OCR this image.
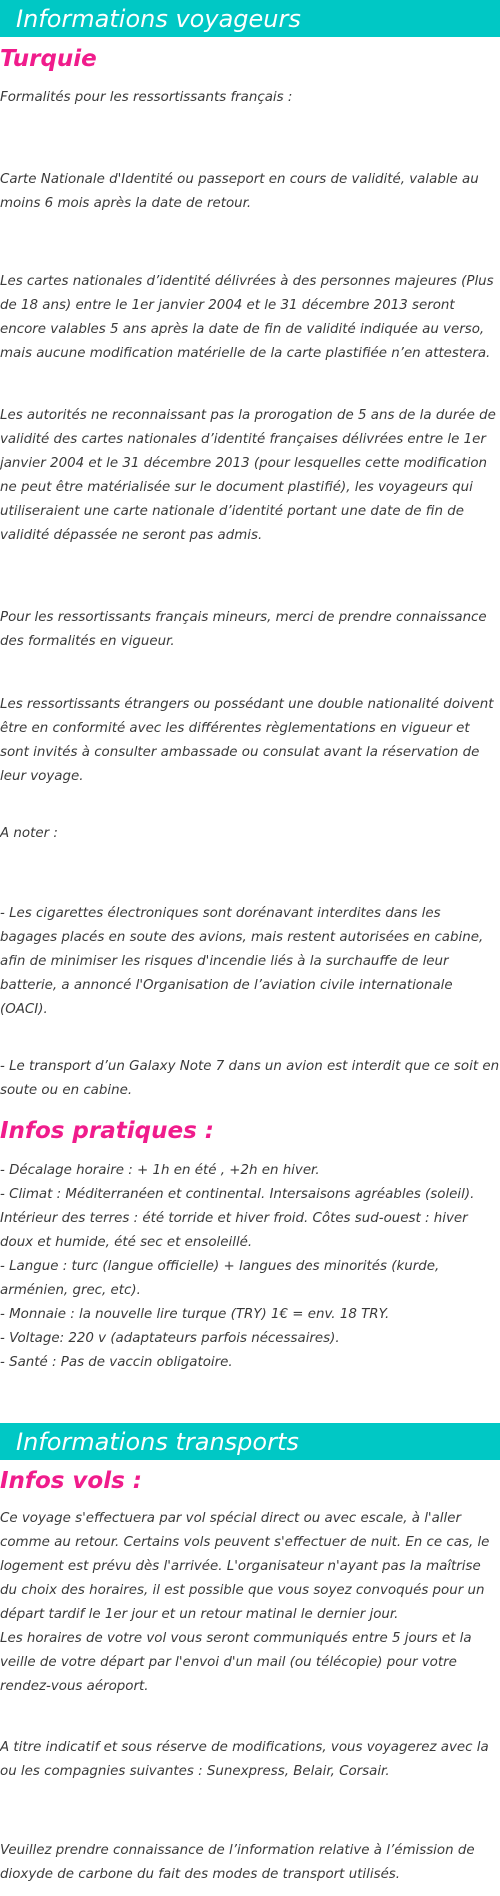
Informations voyageurs
Turquie

Formalités pour les ressortissants français :

Carte Nationale d'Identité ou passeport en cours de validité, valable au moins 6 mois après la date de retour.

Les cartes nationales d’identité délivrées à des personnes majeures (Plus de 18 ans) entre le 1er janvier 2004 et le 31 décembre 2013 seront encore valables 5 ans après la date de fin de validité indiquée au verso, mais aucune modification matérielle de la carte plastifiée n’en attestera.

Les autorités ne reconnaissant pas la prorogation de 5 ans de la durée de validité des cartes nationales d’identité françaises délivrées entre le 1er janvier 2004 et le 31 décembre 2013 (pour lesquelles cette modification ne peut être matérialisée sur le document plastifié), les voyageurs qui utiliseraient une carte nationale d’identité portant une date de fin de validité dépassée ne seront pas admis.

Pour les ressortissants français mineurs, merci de prendre connaissance des formalités en vigueur.

Les ressortissants étrangers ou possédant une double nationalité doivent être en conformité avec les différentes règlementations en vigueur et sont invités à consulter ambassade ou consulat avant la réservation de leur voyage.

A noter :

- Les cigarettes électroniques sont dorénavant interdites dans les bagages placés en soute des avions, mais restent autorisées en cabine, afin de minimiser les risques d'incendie liés à la surchauffe de leur batterie, a annoncé l'Organisation de l’aviation civile internationale (OACI).

- Le transport d’un Galaxy Note 7 dans un avion est interdit que ce soit en soute ou en cabine.

Infos pratiques :

- Décalage horaire : + 1h en été , +2h en hiver.

- Climat : Méditerranéen et continental. Intersaisons agréables (soleil). Intérieur des terres : été torride et hiver froid. Côtes sud-ouest : hiver doux et humide, été sec et ensoleillé.

- Langue : turc (langue officielle) + langues des minorités (kurde, arménien, grec, etc).

- Monnaie : la nouvelle lire turque (TRY) 1€ = env. 18 TRY.

- Voltage: 220 v (adaptateurs parfois nécessaires).

- Santé : Pas de vaccin obligatoire.

Informations transports
Infos vols :

Ce voyage s'effectuera par vol spécial direct ou avec escale, à l'aller comme au retour. Certains vols peuvent s'effectuer de nuit. En ce cas, le logement est prévu dès l'arrivée. L'organisateur n'ayant pas la maîtrise du choix des horaires, il est possible que vous soyez convoqués pour un départ tardif le 1er jour et un retour matinal le dernier jour.

Les horaires de votre vol vous seront communiqués entre 5 jours et la veille de votre départ par l'envoi d'un mail (ou télécopie) pour votre rendez-vous aéroport.

A titre indicatif et sous réserve de modifications, vous voyagerez avec la ou les compagnies suivantes : Sunexpress, Belair, Corsair.

Veuillez prendre connaissance de l’information relative à l’émission de dioxyde de carbone du fait des modes de transport utilisés.
